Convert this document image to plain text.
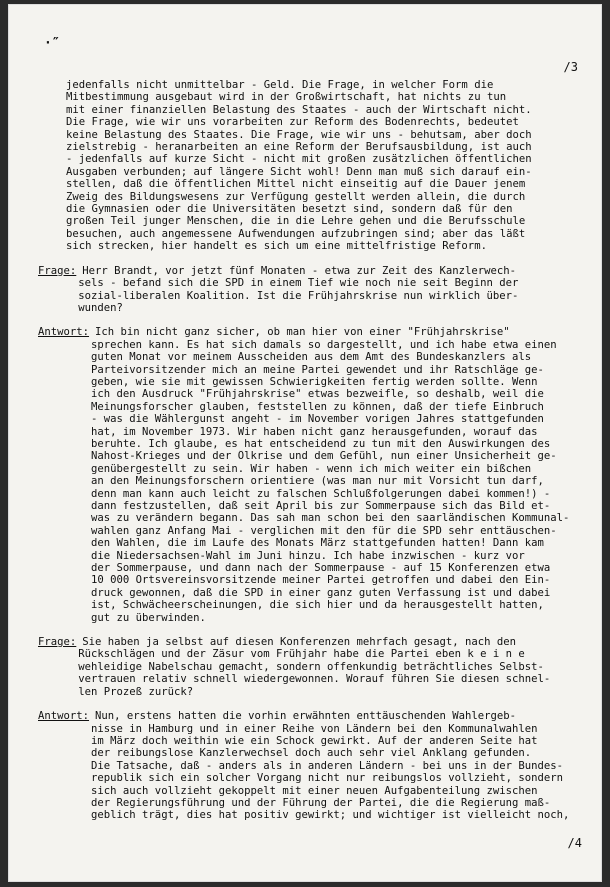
·″
/3
jedenfalls nicht unmittelbar - Geld. Die Frage, in welcher Form die
Mitbestimmung ausgebaut wird in der Großwirtschaft, hat nichts zu tun
mit einer finanziellen Belastung des Staates - auch der Wirtschaft nicht.
Die Frage, wie wir uns vorarbeiten zur Reform des Bodenrechts, bedeutet
keine Belastung des Staates. Die Frage, wie wir uns - behutsam, aber doch
zielstrebig - heranarbeiten an eine Reform der Berufsausbildung, ist auch
- jedenfalls auf kurze Sicht - nicht mit großen zusätzlichen öffentlichen
Ausgaben verbunden; auf längere Sicht wohl! Denn man muß sich darauf ein-
stellen, daß die öffentlichen Mittel nicht einseitig auf die Dauer jenem
Zweig des Bildungswesens zur Verfügung gestellt werden allein, die durch
die Gymnasien oder die Universitäten besetzt sind, sondern daß für den
großen Teil junger Menschen, die in die Lehre gehen und die Berufsschule
besuchen, auch angemessene Aufwendungen aufzubringen sind; aber das läßt
sich strecken, hier handelt es sich um eine mittelfristige Reform.
Frage: Herr Brandt, vor jetzt fünf Monaten - etwa zur Zeit des Kanzlerwech-
sels - befand sich die SPD in einem Tief wie noch nie seit Beginn der
sozial-liberalen Koalition. Ist die Frühjahrskrise nun wirklich über-
wunden?
Antwort: Ich bin nicht ganz sicher, ob man hier von einer "Frühjahrskrise"
sprechen kann. Es hat sich damals so dargestellt, und ich habe etwa einen
guten Monat vor meinem Ausscheiden aus dem Amt des Bundeskanzlers als
Parteivorsitzender mich an meine Partei gewendet und ihr Ratschläge ge-
geben, wie sie mit gewissen Schwierigkeiten fertig werden sollte. Wenn
ich den Ausdruck "Frühjahrskrise" etwas bezweifle, so deshalb, weil die
Meinungsforscher glauben, feststellen zu können, daß der tiefe Einbruch
- was die Wählergunst angeht - im November vorigen Jahres stattgefunden
hat, im November 1973. Wir haben nicht ganz herausgefunden, worauf das
beruhte. Ich glaube, es hat entscheidend zu tun mit den Auswirkungen des
Nahost-Krieges und der Ölkrise und dem Gefühl, nun einer Unsicherheit ge-
genübergestellt zu sein. Wir haben - wenn ich mich weiter ein bißchen
an den Meinungsforschern orientiere (was man nur mit Vorsicht tun darf,
denn man kann auch leicht zu falschen Schlußfolgerungen dabei kommen!) -
dann festzustellen, daß seit April bis zur Sommerpause sich das Bild et-
was zu verändern begann. Das sah man schon bei den saarländischen Kommunal-
wahlen ganz Anfang Mai - verglichen mit den für die SPD sehr enttäuschen-
den Wahlen, die im Laufe des Monats März stattgefunden hatten! Dann kam
die Niedersachsen-Wahl im Juni hinzu. Ich habe inzwischen - kurz vor
der Sommerpause, und dann nach der Sommerpause - auf 15 Konferenzen etwa
10 000 Ortsvereinsvorsitzende meiner Partei getroffen und dabei den Ein-
druck gewonnen, daß die SPD in einer ganz guten Verfassung ist und dabei
ist, Schwächeerscheinungen, die sich hier und da herausgestellt hatten,
gut zu überwinden.
Frage: Sie haben ja selbst auf diesen Konferenzen mehrfach gesagt, nach den
Rückschlägen und der Zäsur vom Frühjahr habe die Partei eben k e i n e
wehleidige Nabelschau gemacht, sondern offenkundig beträchtliches Selbst-
vertrauen relativ schnell wiedergewonnen. Worauf führen Sie diesen schnel-
len Prozeß zurück?
Antwort: Nun, erstens hatten die vorhin erwähnten enttäuschenden Wahlergeb-
nisse in Hamburg und in einer Reihe von Ländern bei den Kommunalwahlen
im März doch weithin wie ein Schock gewirkt. Auf der anderen Seite hat
der reibungslose Kanzlerwechsel doch auch sehr viel Anklang gefunden.
Die Tatsache, daß - anders als in anderen Ländern - bei uns in der Bundes-
republik sich ein solcher Vorgang nicht nur reibungslos vollzieht, sondern
sich auch vollzieht gekoppelt mit einer neuen Aufgabenteilung zwischen
der Regierungsführung und der Führung der Partei, die die Regierung maß-
geblich trägt, dies hat positiv gewirkt; und wichtiger ist vielleicht noch,
/4
